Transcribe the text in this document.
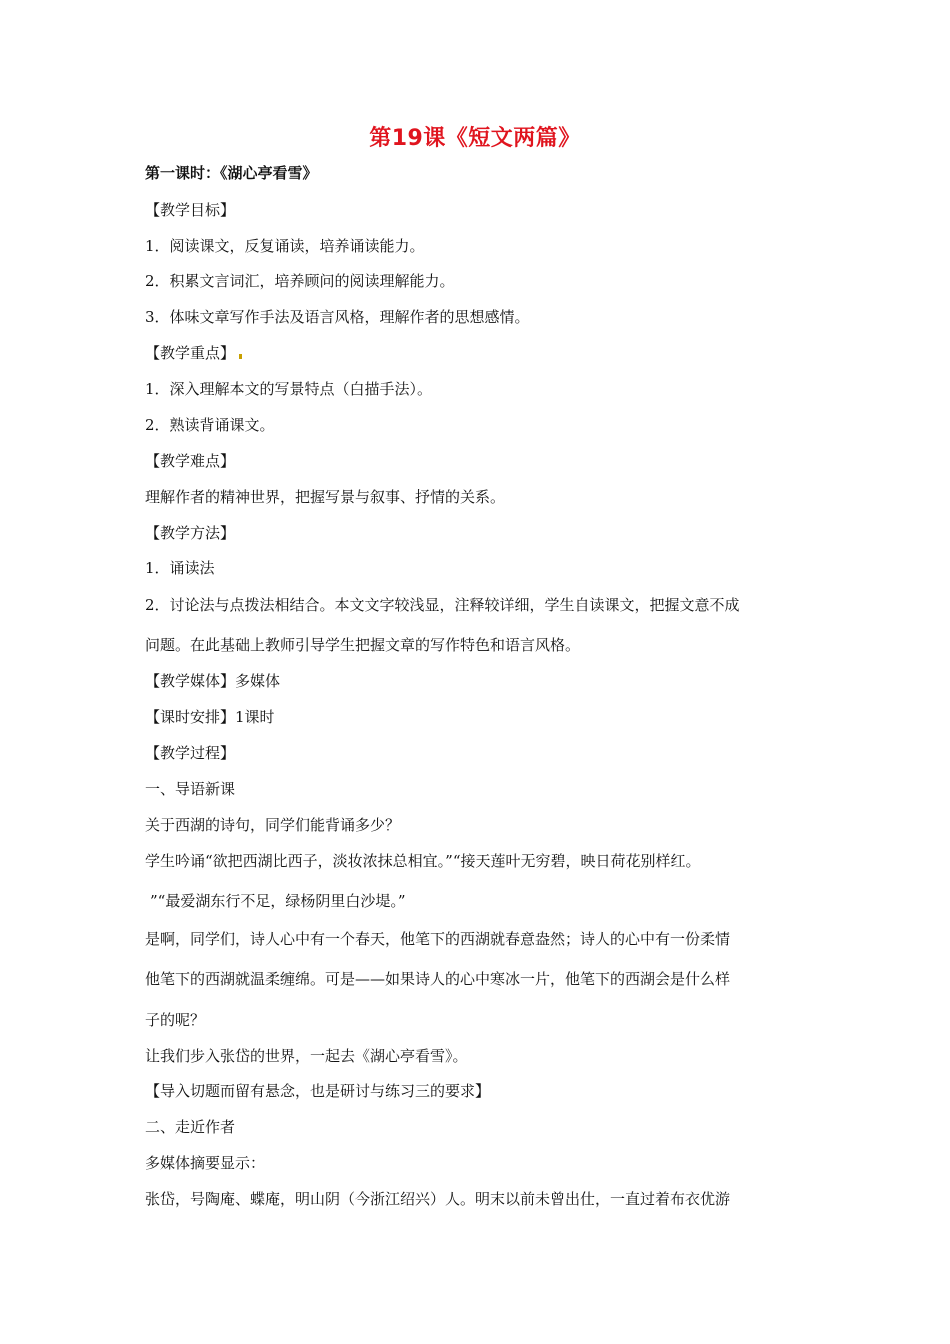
第19课《短文两篇》
第一课时：《湖心亭看雪》
【教学目标】
1．阅读课文，反复诵读，培养诵读能力。
2．积累文言词汇，培养顾问的阅读理解能力。
3．体味文章写作手法及语言风格，理解作者的思想感情。
【教学重点】
1．深入理解本文的写景特点（白描手法）。
2．熟读背诵课文。
【教学难点】
理解作者的精神世界，把握写景与叙事、抒情的关系。
【教学方法】
1．诵读法
2．讨论法与点拨法相结合。本文文字较浅显，注释较详细，学生自读课文，把握文意不成
问题。在此基础上教师引导学生把握文章的写作特色和语言风格。
【教学媒体】多媒体
【课时安排】1课时
【教学过程】
一、导语新课
关于西湖的诗句，同学们能背诵多少？
学生吟诵“欲把西湖比西子，淡妆浓抹总相宜。”“接天莲叶无穷碧，映日荷花别样红。
”“最爱湖东行不足，绿杨阴里白沙堤。”
是啊，同学们，诗人心中有一个春天，他笔下的西湖就春意盎然；诗人的心中有一份柔情
他笔下的西湖就温柔缠绵。可是——如果诗人的心中寒冰一片，他笔下的西湖会是什么样
子的呢？
让我们步入张岱的世界，一起去《湖心亭看雪》。
【导入切题而留有悬念，也是研讨与练习三的要求】
二、走近作者
多媒体摘要显示：
张岱，号陶庵、蝶庵，明山阴（今浙江绍兴）人。明末以前未曾出仕，一直过着布衣优游
